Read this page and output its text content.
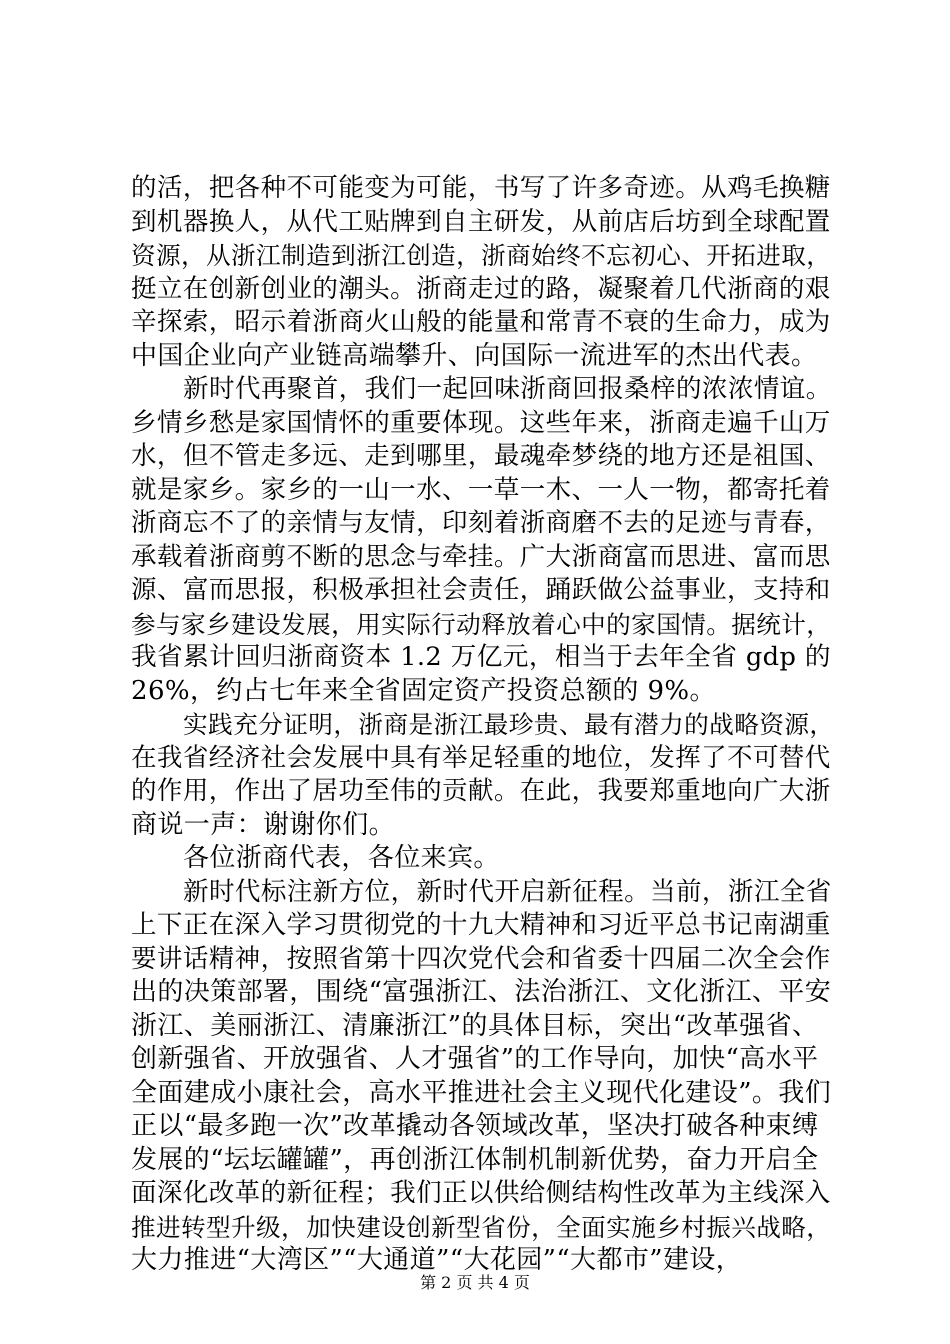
的活，把各种不可能变为可能，书写了许多奇迹。从鸡毛换糖
到机器换人，从代工贴牌到自主研发，从前店后坊到全球配置
资源，从浙江制造到浙江创造，浙商始终不忘初心、开拓进取，
挺立在创新创业的潮头。浙商走过的路，凝聚着几代浙商的艰
辛探索，昭示着浙商火山般的能量和常青不衰的生命力，成为
中国企业向产业链高端攀升、向国际一流进军的杰出代表。
新时代再聚首，我们一起回味浙商回报桑梓的浓浓情谊。
乡情乡愁是家国情怀的重要体现。这些年来，浙商走遍千山万
水，但不管走多远、走到哪里，最魂牵梦绕的地方还是祖国、
就是家乡。家乡的一山一水、一草一木、一人一物，都寄托着
浙商忘不了的亲情与友情，印刻着浙商磨不去的足迹与青春，
承载着浙商剪不断的思念与牵挂。广大浙商富而思进、富而思
源、富而思报，积极承担社会责任，踊跃做公益事业，支持和
参与家乡建设发展，用实际行动释放着心中的家国情。据统计，
我省累计回归浙商资本 1.2 万亿元，相当于去年全省 gdp 的
26%，约占七年来全省固定资产投资总额的 9%。
实践充分证明，浙商是浙江最珍贵、最有潜力的战略资源，
在我省经济社会发展中具有举足轻重的地位，发挥了不可替代
的作用，作出了居功至伟的贡献。在此，我要郑重地向广大浙
商说一声：谢谢你们。
各位浙商代表，各位来宾。
新时代标注新方位，新时代开启新征程。当前，浙江全省
上下正在深入学习贯彻党的十九大精神和习近平总书记南湖重
要讲话精神，按照省第十四次党代会和省委十四届二次全会作
出的决策部署，围绕“富强浙江、法治浙江、文化浙江、平安
浙江、美丽浙江、清廉浙江”的具体目标，突出“改革强省、
创新强省、开放强省、人才强省”的工作导向，加快“高水平
全面建成小康社会，高水平推进社会主义现代化建设”。我们
正以“最多跑一次”改革撬动各领域改革，坚决打破各种束缚
发展的“坛坛罐罐”，再创浙江体制机制新优势，奋力开启全
面深化改革的新征程；我们正以供给侧结构性改革为主线深入
推进转型升级，加快建设创新型省份，全面实施乡村振兴战略，
大力推进“大湾区”“大通道”“大花园”“大都市”建设，
第 2 页 共 4 页
